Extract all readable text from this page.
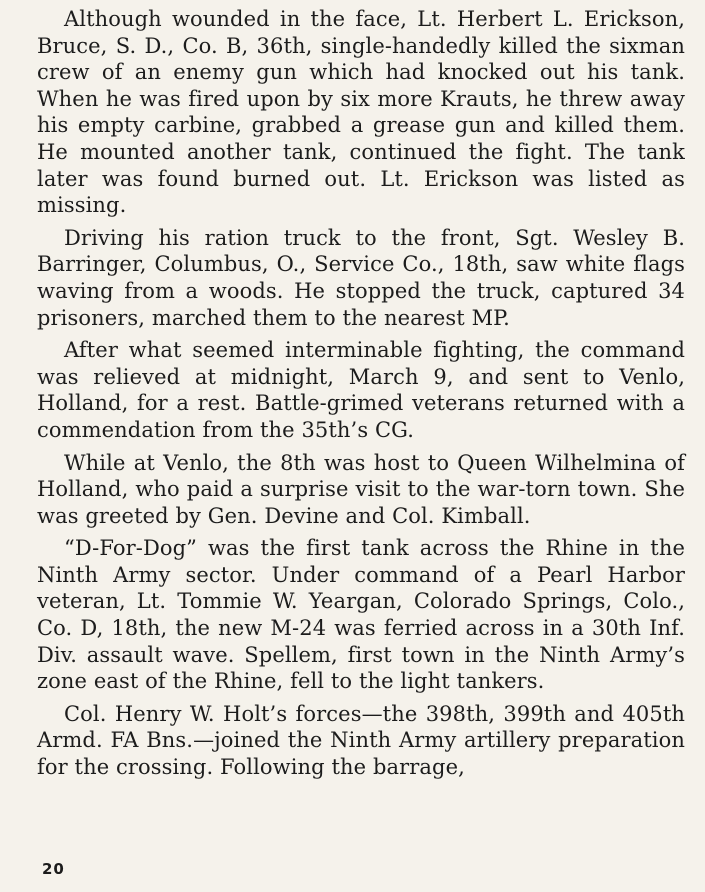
Although wounded in the face, Lt. Herbert L. Erickson, Bruce, S. D., Co. B, 36th, single-handedly killed the sixman crew of an enemy gun which had knocked out his tank. When he was fired upon by six more Krauts, he threw away his empty carbine, grabbed a grease gun and killed them. He mounted another tank, continued the fight. The tank later was found burned out. Lt. Erickson was listed as missing.

Driving his ration truck to the front, Sgt. Wesley B. Barringer, Columbus, O., Service Co., 18th, saw white flags waving from a woods. He stopped the truck, captured 34 prisoners, marched them to the nearest MP.

After what seemed interminable fighting, the command was relieved at midnight, March 9, and sent to Venlo, Holland, for a rest. Battle-grimed veterans returned with a commendation from the 35th’s CG.

While at Venlo, the 8th was host to Queen Wilhelmina of Holland, who paid a surprise visit to the war-torn town. She was greeted by Gen. Devine and Col. Kimball.

“D-For-Dog” was the first tank across the Rhine in the Ninth Army sector. Under command of a Pearl Harbor veteran, Lt. Tommie W. Yeargan, Colorado Springs, Colo., Co. D, 18th, the new M-24 was ferried across in a 30th Inf. Div. assault wave. Spellem, first town in the Ninth Army’s zone east of the Rhine, fell to the light tankers.

Col. Henry W. Holt’s forces—the 398th, 399th and 405th Armd. FA Bns.—joined the Ninth Army artillery preparation for the crossing. Following the barrage,

20
